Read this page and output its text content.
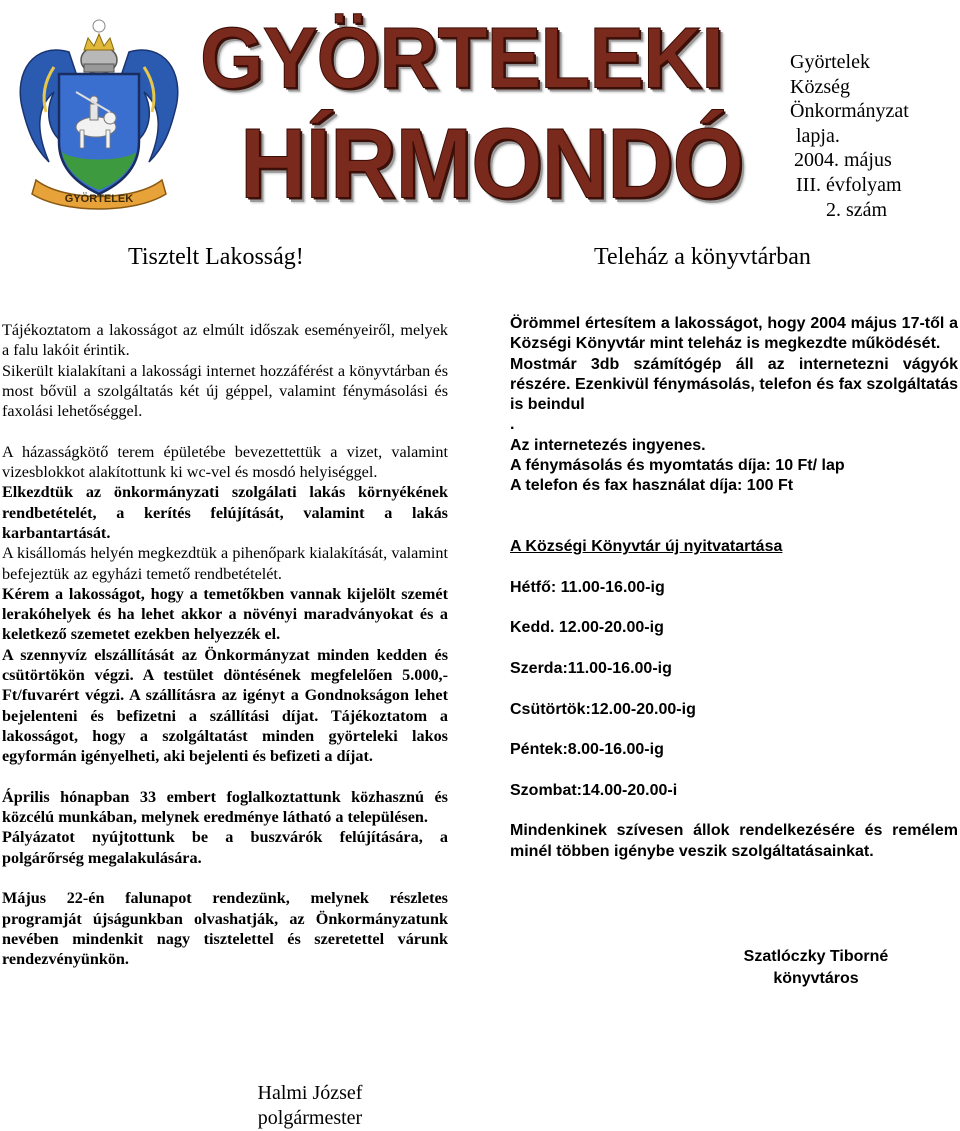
GYÖRTELEK
GYÖRTELEKI
HÍRMONDÓ
Györtelek
Község
Önkormányzat
lapja.
2004. május
III. évfolyam
2. szám
Tisztelt Lakosság!	Teleház a könyvtárban

Tájékoztatom a lakosságot az elmúlt időszak eseményeiről, melyek a falu lakóit érintik.

Sikerült kialakítani a lakossági internet hozzáférést a könyvtárban és most bővül a szolgáltatás két új géppel, valamint fénymásolási és faxolási lehetőséggel.

A házasságkötő terem épületébe bevezettettük a vizet, valamint vizesblokkot alakítottunk ki wc-vel és mosdó helyiséggel.

Elkezdtük az önkormányzati szolgálati lakás környékének rendbetételét, a kerítés felújítását, valamint a lakás karbantartását.

A kisállomás helyén megkezdtük a pihenőpark kialakítását, valamint befejeztük az egyházi temető rendbetételét.

Kérem a lakosságot, hogy a temetőkben vannak kijelölt szemét lerakóhelyek és ha lehet akkor a növényi maradványokat és a keletkező szemetet ezekben helyezzék el.

A szennyvíz elszállítását az Önkormányzat minden kedden és csütörtökön végzi. A testület döntésének megfelelően 5.000,-Ft/fuvarért végzi. A szállításra az igényt a Gondnokságon lehet bejelenteni és befizetni a szállítási díjat. Tájékoztatom a lakosságot, hogy a szolgáltatást minden györteleki lakos egyformán igényelheti, aki bejelenti és befizeti a díjat.

Április hónapban 33 embert foglalkoztattunk közhasznú és közcélú munkában, melynek eredménye látható a településen.

Pályázatot nyújtottunk be a buszvárók felújítására, a polgárőrség megalakulására.

Május 22-én falunapot rendezünk, melynek részletes programját újságunkban olvashatják, az Önkormányzatunk nevében mindenkit nagy tisztelettel és szeretettel várunk rendezvényünkön.

Halmi József
polgármester

Örömmel értesítem a lakosságot, hogy 2004 május 17-től a Községi Könyvtár mint teleház is megkezdte működését.

Mostmár 3db számítógép áll az internetezni vágyók részére. Ezenkivül fénymásolás, telefon és fax szolgáltatás is beindul

.

Az internetezés ingyenes.

A fénymásolás és myomtatás díja: 10 Ft/ lap

A telefon és fax használat díja: 100 Ft

A Községi Könyvtár új nyitvatartása

Hétfő: 11.00-16.00-ig

Kedd. 12.00-20.00-ig

Szerda:11.00-16.00-ig

Csütörtök:12.00-20.00-ig

Péntek:8.00-16.00-ig

Szombat:14.00-20.00-i

Mindenkinek szívesen állok rendelkezésére és remélem minél többen igénybe veszik szolgáltatásainkat.

Szatlóczky Tiborné
könyvtáros
